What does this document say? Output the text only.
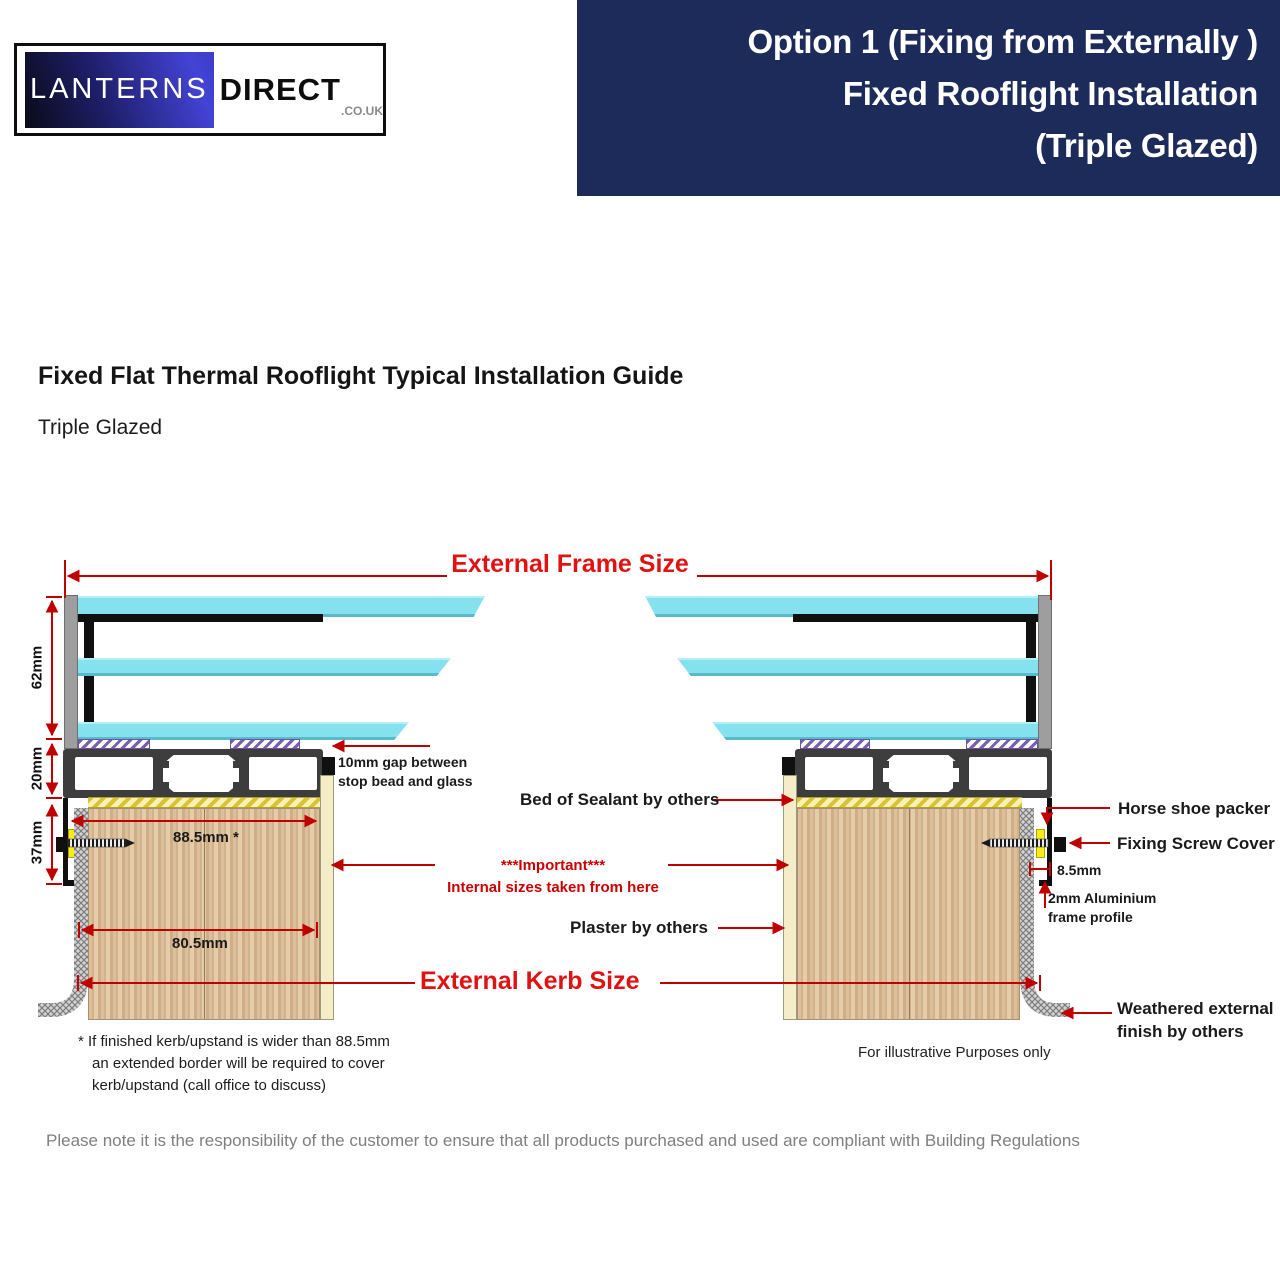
Option 1 (Fixing from Externally )
Fixed Rooflight Installation
(Triple Glazed)
LANTERNS DIRECT
.CO.UK
Fixed Flat Thermal Rooflight Typical Installation Guide
Triple Glazed
External Frame Size
62mm
20mm
37mm	88.5mm *
80.5mm
10mm gap between
stop bead and glass
Bed of Sealant by others
***Important***
Internal sizes taken from here
Plaster by others
External Kerb Size
Horse shoe packer
Fixing Screw Cover
8.5mm
2mm Aluminium
frame profile
Weathered external
finish by others
For illustrative Purposes only
* If finished kerb/upstand is wider than 88.5mm
an extended border will be required to cover
kerb/upstand (call office to discuss)
Please note it is the responsibility of the customer to ensure that all products purchased and used are compliant with Building Regulations
